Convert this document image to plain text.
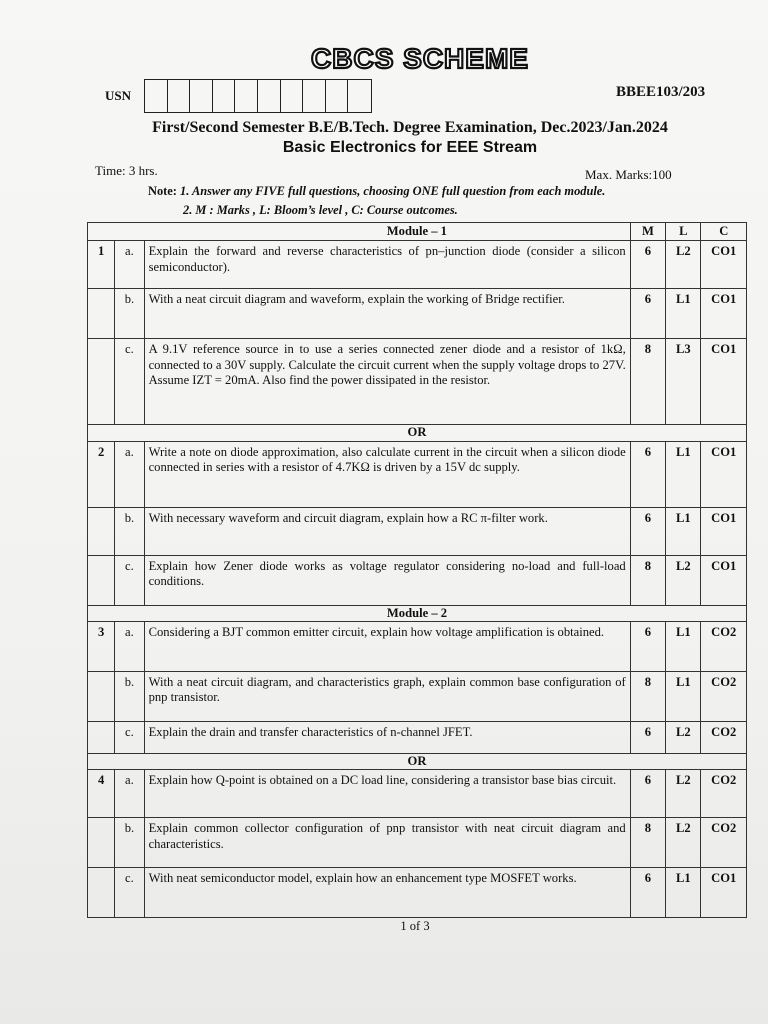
CBCS SCHEME
USN	BBEE103/203
First/Second Semester B.E/B.Tech. Degree Examination, Dec.2023/Jan.2024
Basic Electronics for EEE Stream
Time: 3 hrs.	Max. Marks:100
Note: 1. Answer any FIVE full questions, choosing ONE full question from each module.
2. M : Marks , L: Bloom’s level , C: Course outcomes.
Module – 1			M	L	C
1	a.	Explain the forward and reverse characteristics of pn–junction diode (consider a silicon semiconductor).	6	L2	CO1
	b.	With a neat circuit diagram and waveform, explain the working of Bridge rectifier.	6	L1	CO1
	c.	A 9.1V reference source in to use a series connected zener diode and a resistor of 1kΩ, connected to a 30V supply. Calculate the circuit current when the supply voltage drops to 27V. Assume IZT = 20mA. Also find the power dissipated in the resistor.	8	L3	CO1
OR					
2	a.	Write a note on diode approximation, also calculate current in the circuit when a silicon diode connected in series with a resistor of 4.7KΩ is driven by a 15V dc supply.	6	L1	CO1
	b.	With necessary waveform and circuit diagram, explain how a RC π-filter work.	6	L1	CO1
	c.	Explain how Zener diode works as voltage regulator considering no-load and full-load conditions.	8	L2	CO1
Module – 2					
3	a.	Considering a BJT common emitter circuit, explain how voltage amplification is obtained.	6	L1	CO2
	b.	With a neat circuit diagram, and characteristics graph, explain common base configuration of pnp transistor.	8	L1	CO2
	c.	Explain the drain and transfer characteristics of n-channel JFET.	6	L2	CO2
OR					
4	a.	Explain how Q-point is obtained on a DC load line, considering a transistor base bias circuit.	6	L2	CO2
	b.	Explain common collector configuration of pnp transistor with neat circuit diagram and characteristics.	8	L2	CO2
	c.	With neat semiconductor model, explain how an enhancement type MOSFET works.	6	L1	CO1
1 of 3
